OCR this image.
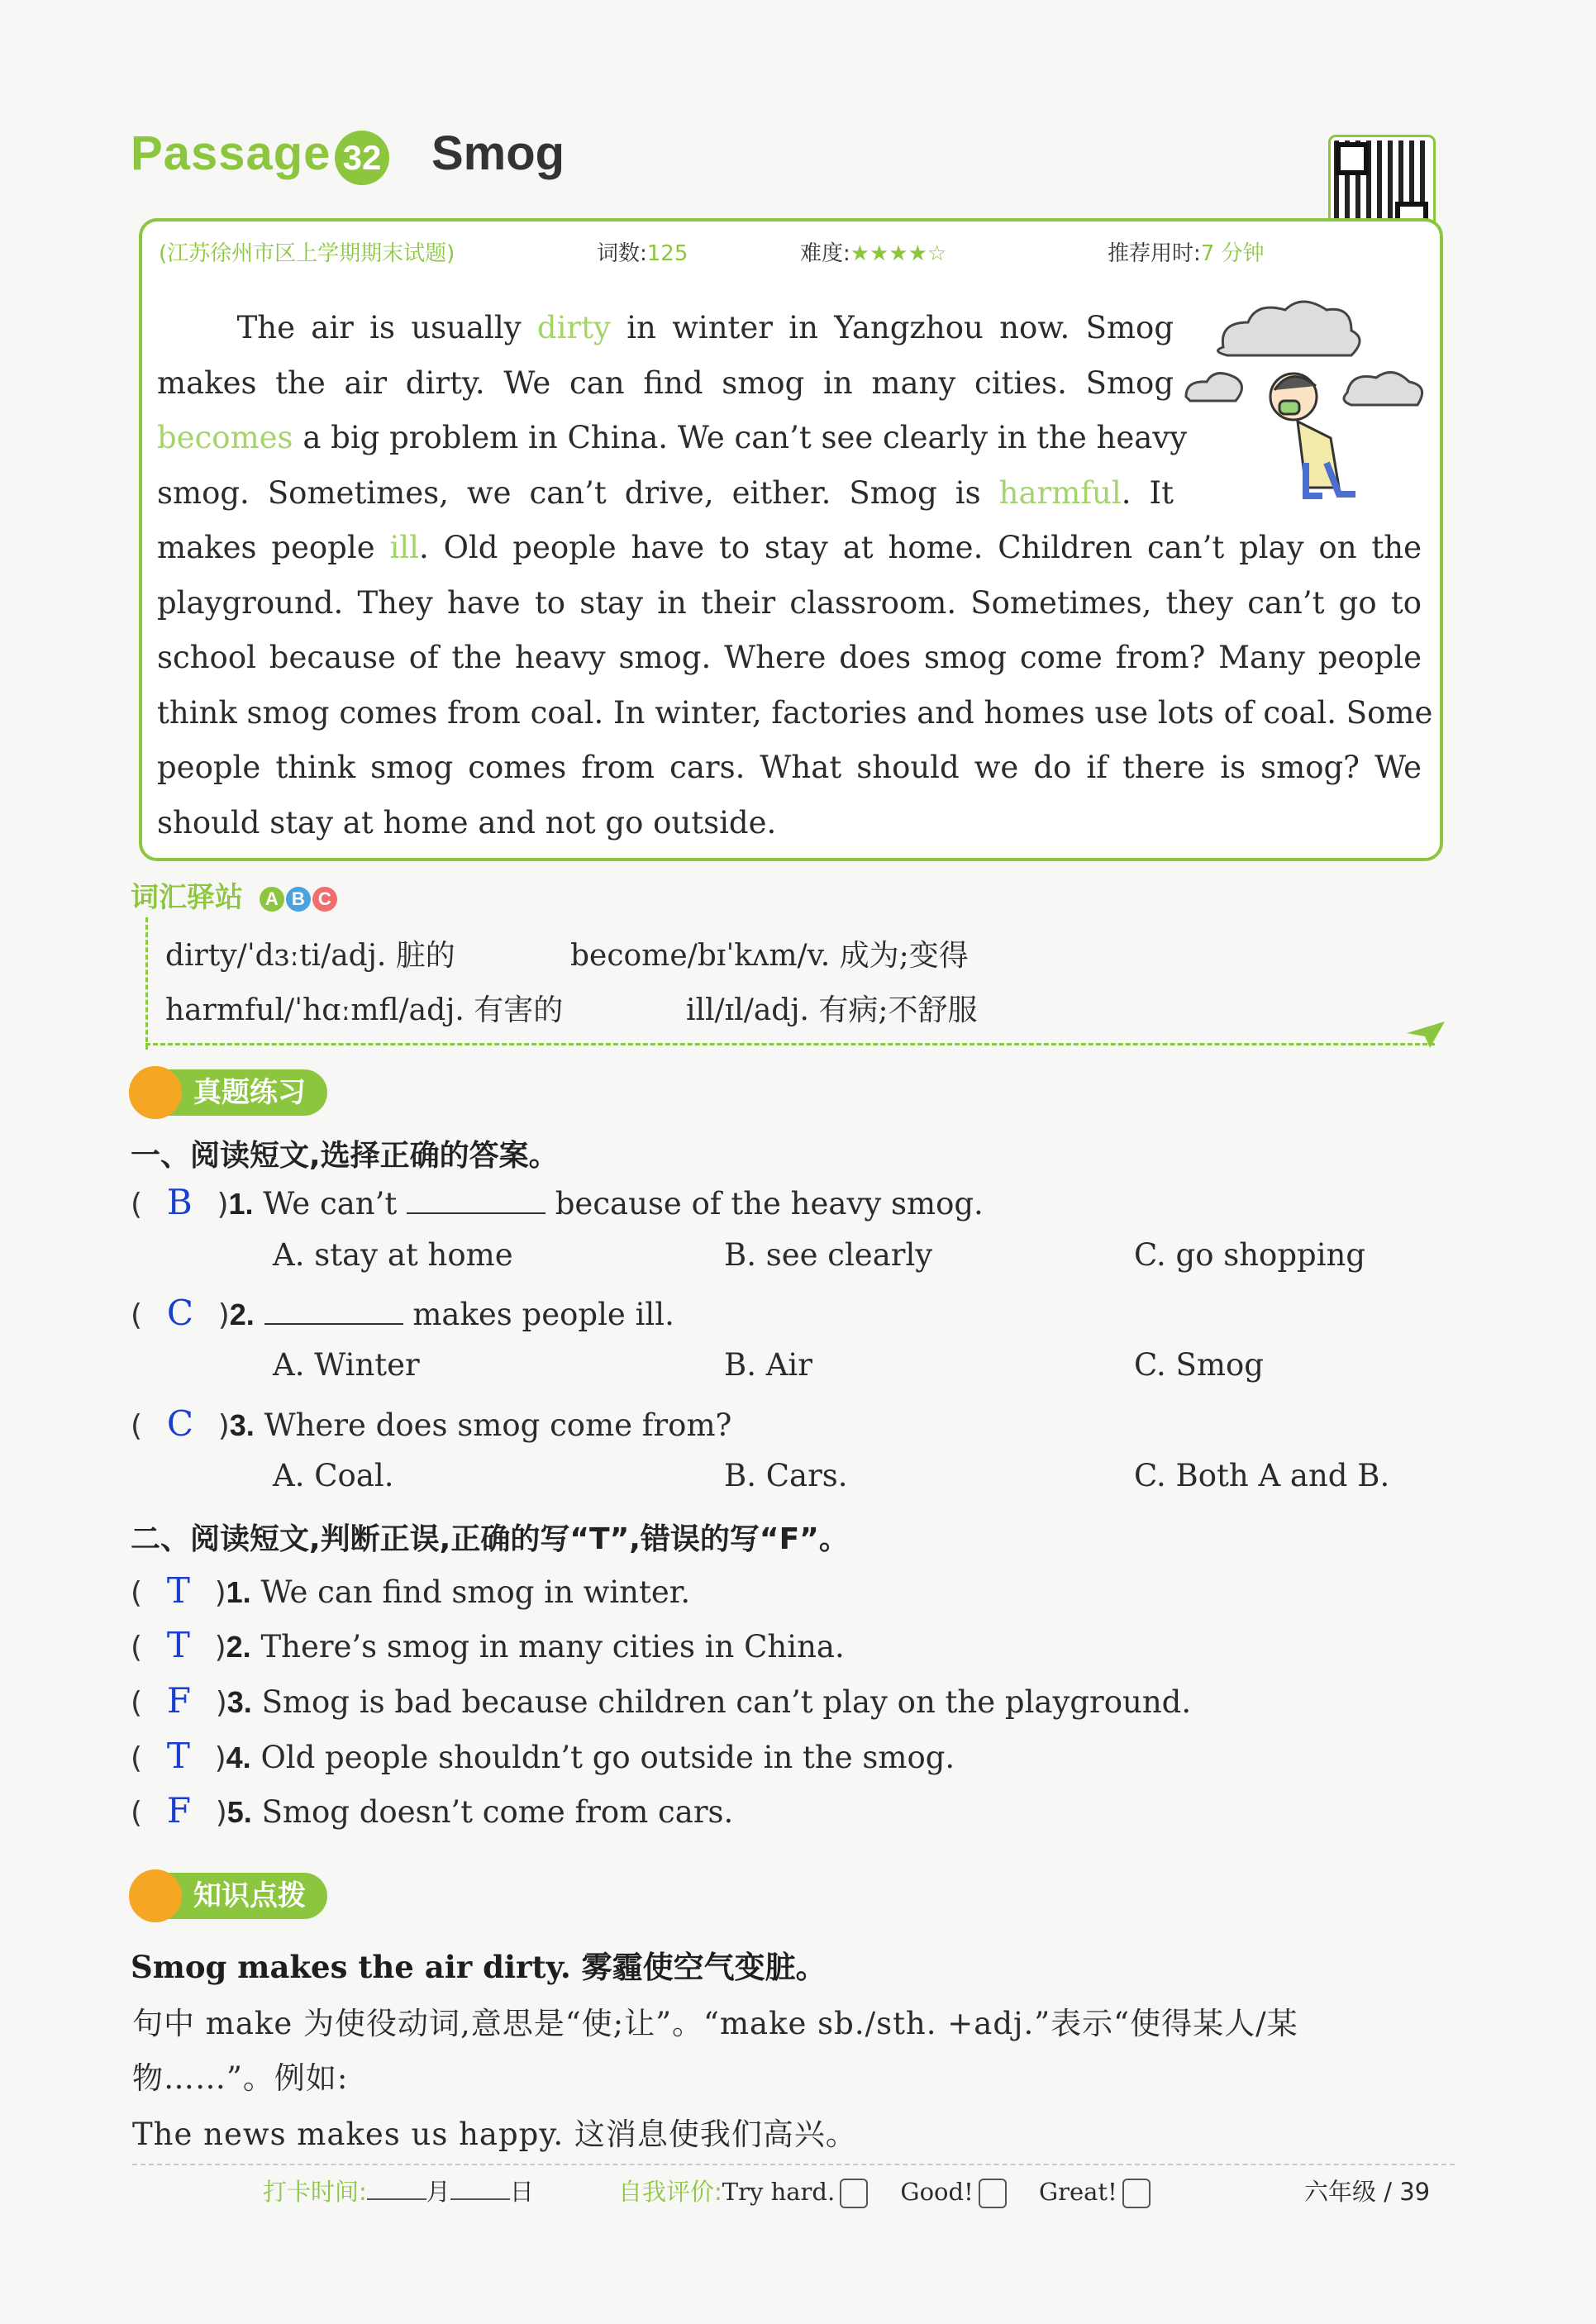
Passage 32 Smog
(江苏徐州市区上学期期末试题)	词数:125	难度:★★★★☆	推荐用时:7 分钟
The air is usually dirty in winter in Yangzhou now. Smog
makes the air dirty. We can find smog in many cities. Smog
becomes a big problem in China. We can’t see clearly in the heavy
smog. Sometimes, we can’t drive, either. Smog is harmful. It
makes people ill. Old people have to stay at home. Children can’t play on the
playground. They have to stay in their classroom. Sometimes, they can’t go to
school because of the heavy smog. Where does smog come from? Many people
think smog comes from coal. In winter, factories and homes use lots of coal. Some
people think smog comes from cars. What should we do if there is smog? We
should stay at home and not go outside.
词汇驿站	A B C
dirty/ˈdɜːti/adj. 脏的	become/bɪˈkʌm/v. 成为;变得
harmful/ˈhɑːmfl/adj. 有害的	ill/ɪl/adj. 有病;不舒服
真题练习
一、阅读短文,选择正确的答案。
( B )1. We can’t	because of the heavy smog.
A. stay at home	B. see clearly	C. go shopping
( C )2.	makes people ill.
A. Winter	B. Air	C. Smog
( C )3. Where does smog come from?
A. Coal.	B. Cars.	C. Both A and B.
二、阅读短文,判断正误,正确的写“T”,错误的写“F”。
( T )1. We can find smog in winter.
( T )2. There’s smog in many cities in China.
( F )3. Smog is bad because children can’t play on the playground.
( T )4. Old people shouldn’t go outside in the smog.
( F )5. Smog doesn’t come from cars.
知识点拨
Smog makes the air dirty. 雾霾使空气变脏。
句中 make 为使役动词,意思是“使;让”。“make sb./sth. +adj.”表示“使得某人/某
物……”。例如:
The news makes us happy. 这消息使我们高兴。
打卡时间: 月 日	自我评价:Try hard.	Good!	Great!	六年级 / 39
